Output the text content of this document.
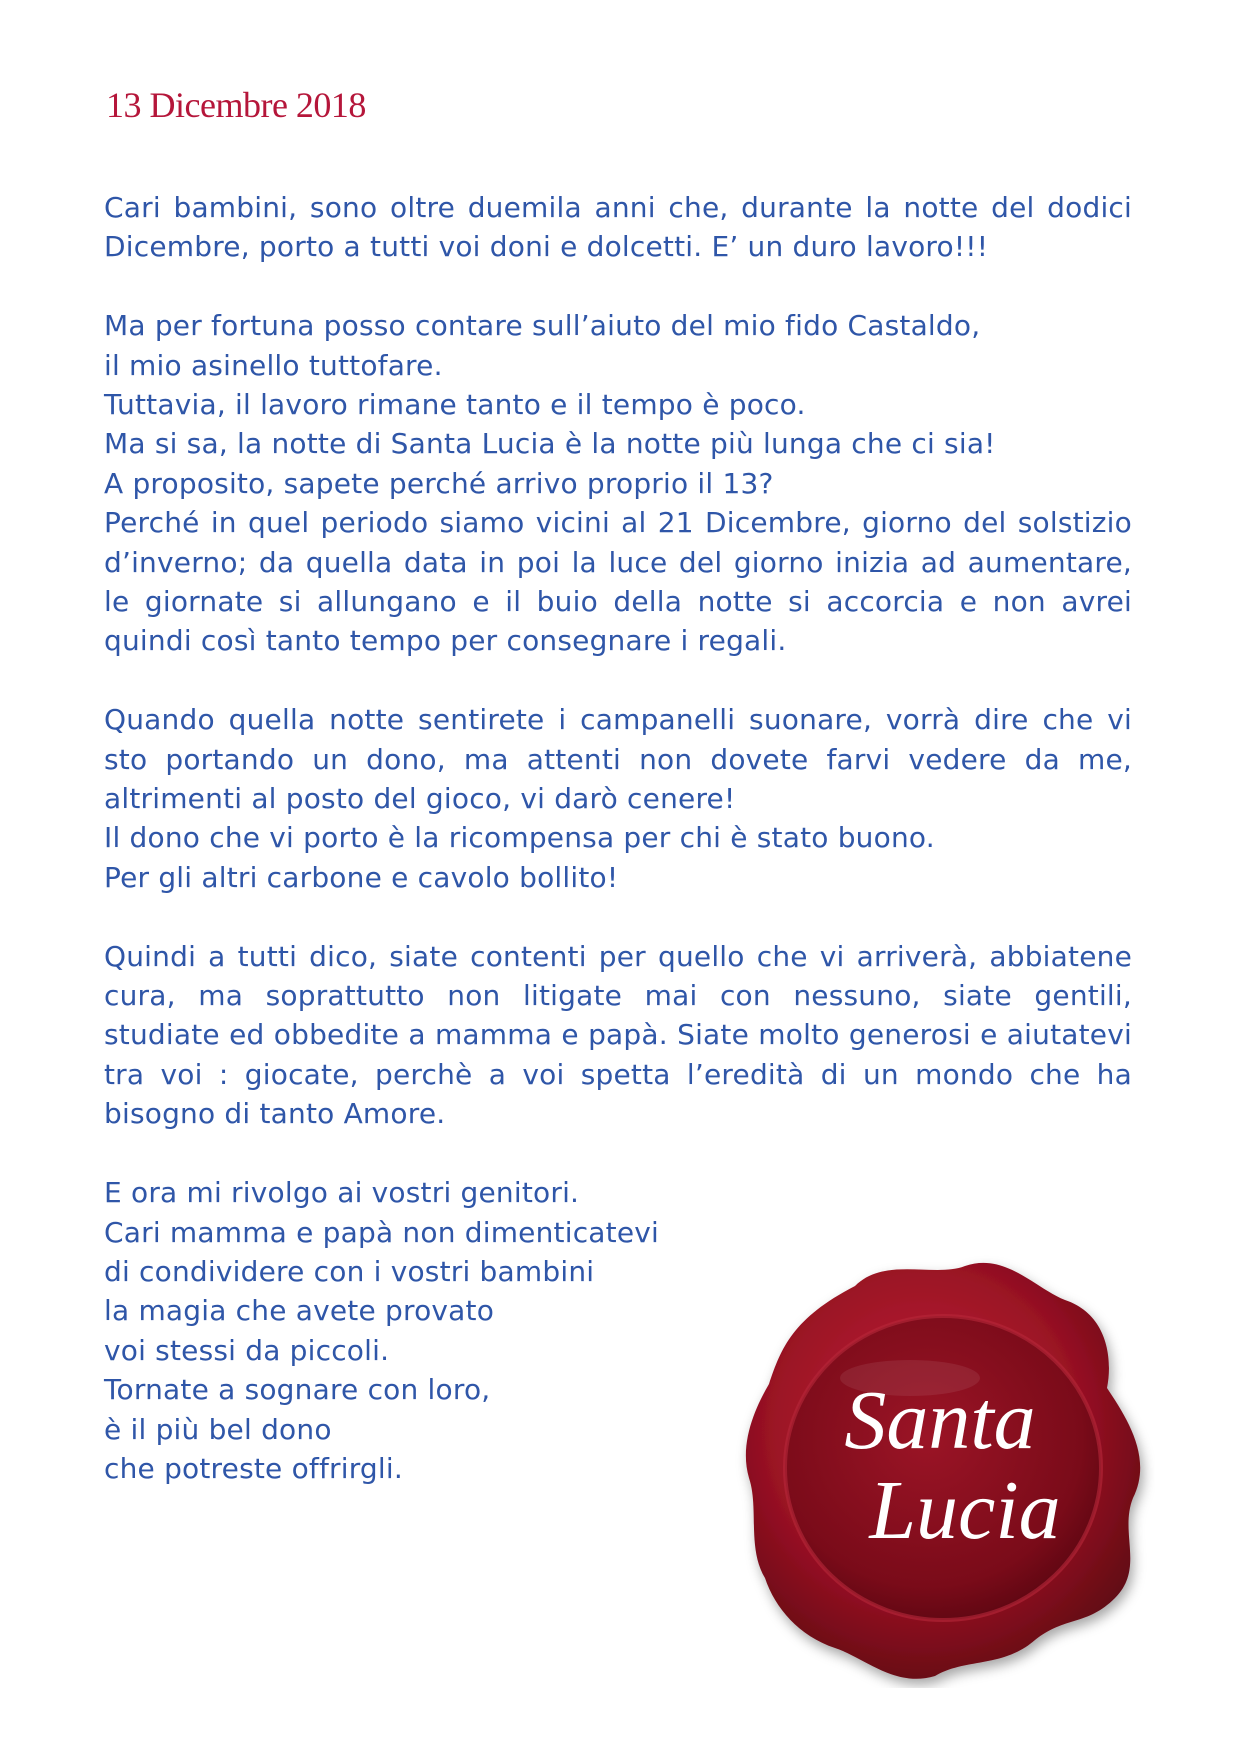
13 Dicembre 2018

Cari bambini, sono oltre duemila anni che, durante la notte del dodici Dicembre, porto a tutti voi doni e dolcetti. E’ un duro lavoro!!!

Ma per fortuna posso contare sull’aiuto del mio fido Castaldo,
il mio asinello tuttofare.
Tuttavia, il lavoro rimane tanto e il tempo è poco.
Ma si sa, la notte di Santa Lucia è la notte più lunga che ci sia!
A proposito, sapete perché arrivo proprio il 13?
Perché in quel periodo siamo vicini al 21 Dicembre, giorno del solstizio d’inverno; da quella data in poi la luce del giorno inizia ad aumentare, le giornate si allungano e il buio della notte si accorcia e non avrei quindi così tanto tempo per consegnare i regali.
Quando quella notte sentirete i campanelli suonare, vorrà dire che vi sto portando un dono, ma attenti non dovete farvi vedere da me, altrimenti al posto del gioco, vi darò cenere!
Il dono che vi porto è la ricompensa per chi è stato buono.
Per gli altri carbone e cavolo bollito!

Quindi a tutti dico, siate contenti per quello che vi arriverà, abbiatene cura, ma soprattutto non litigate mai con nessuno, siate gentili, studiate ed obbedite a mamma e papà. Siate molto generosi e aiutatevi tra voi : giocate, perchè a voi spetta l’eredità di un mondo che ha bisogno di tanto Amore.

E ora mi rivolgo ai vostri genitori.
Cari mamma e papà non dimenticatevi
di condividere con i vostri bambini
la magia che avete provato
voi stessi da piccoli.
Tornate a sognare con loro,
è il più bel dono
che potreste offrirgli.
Santa
Lucia
